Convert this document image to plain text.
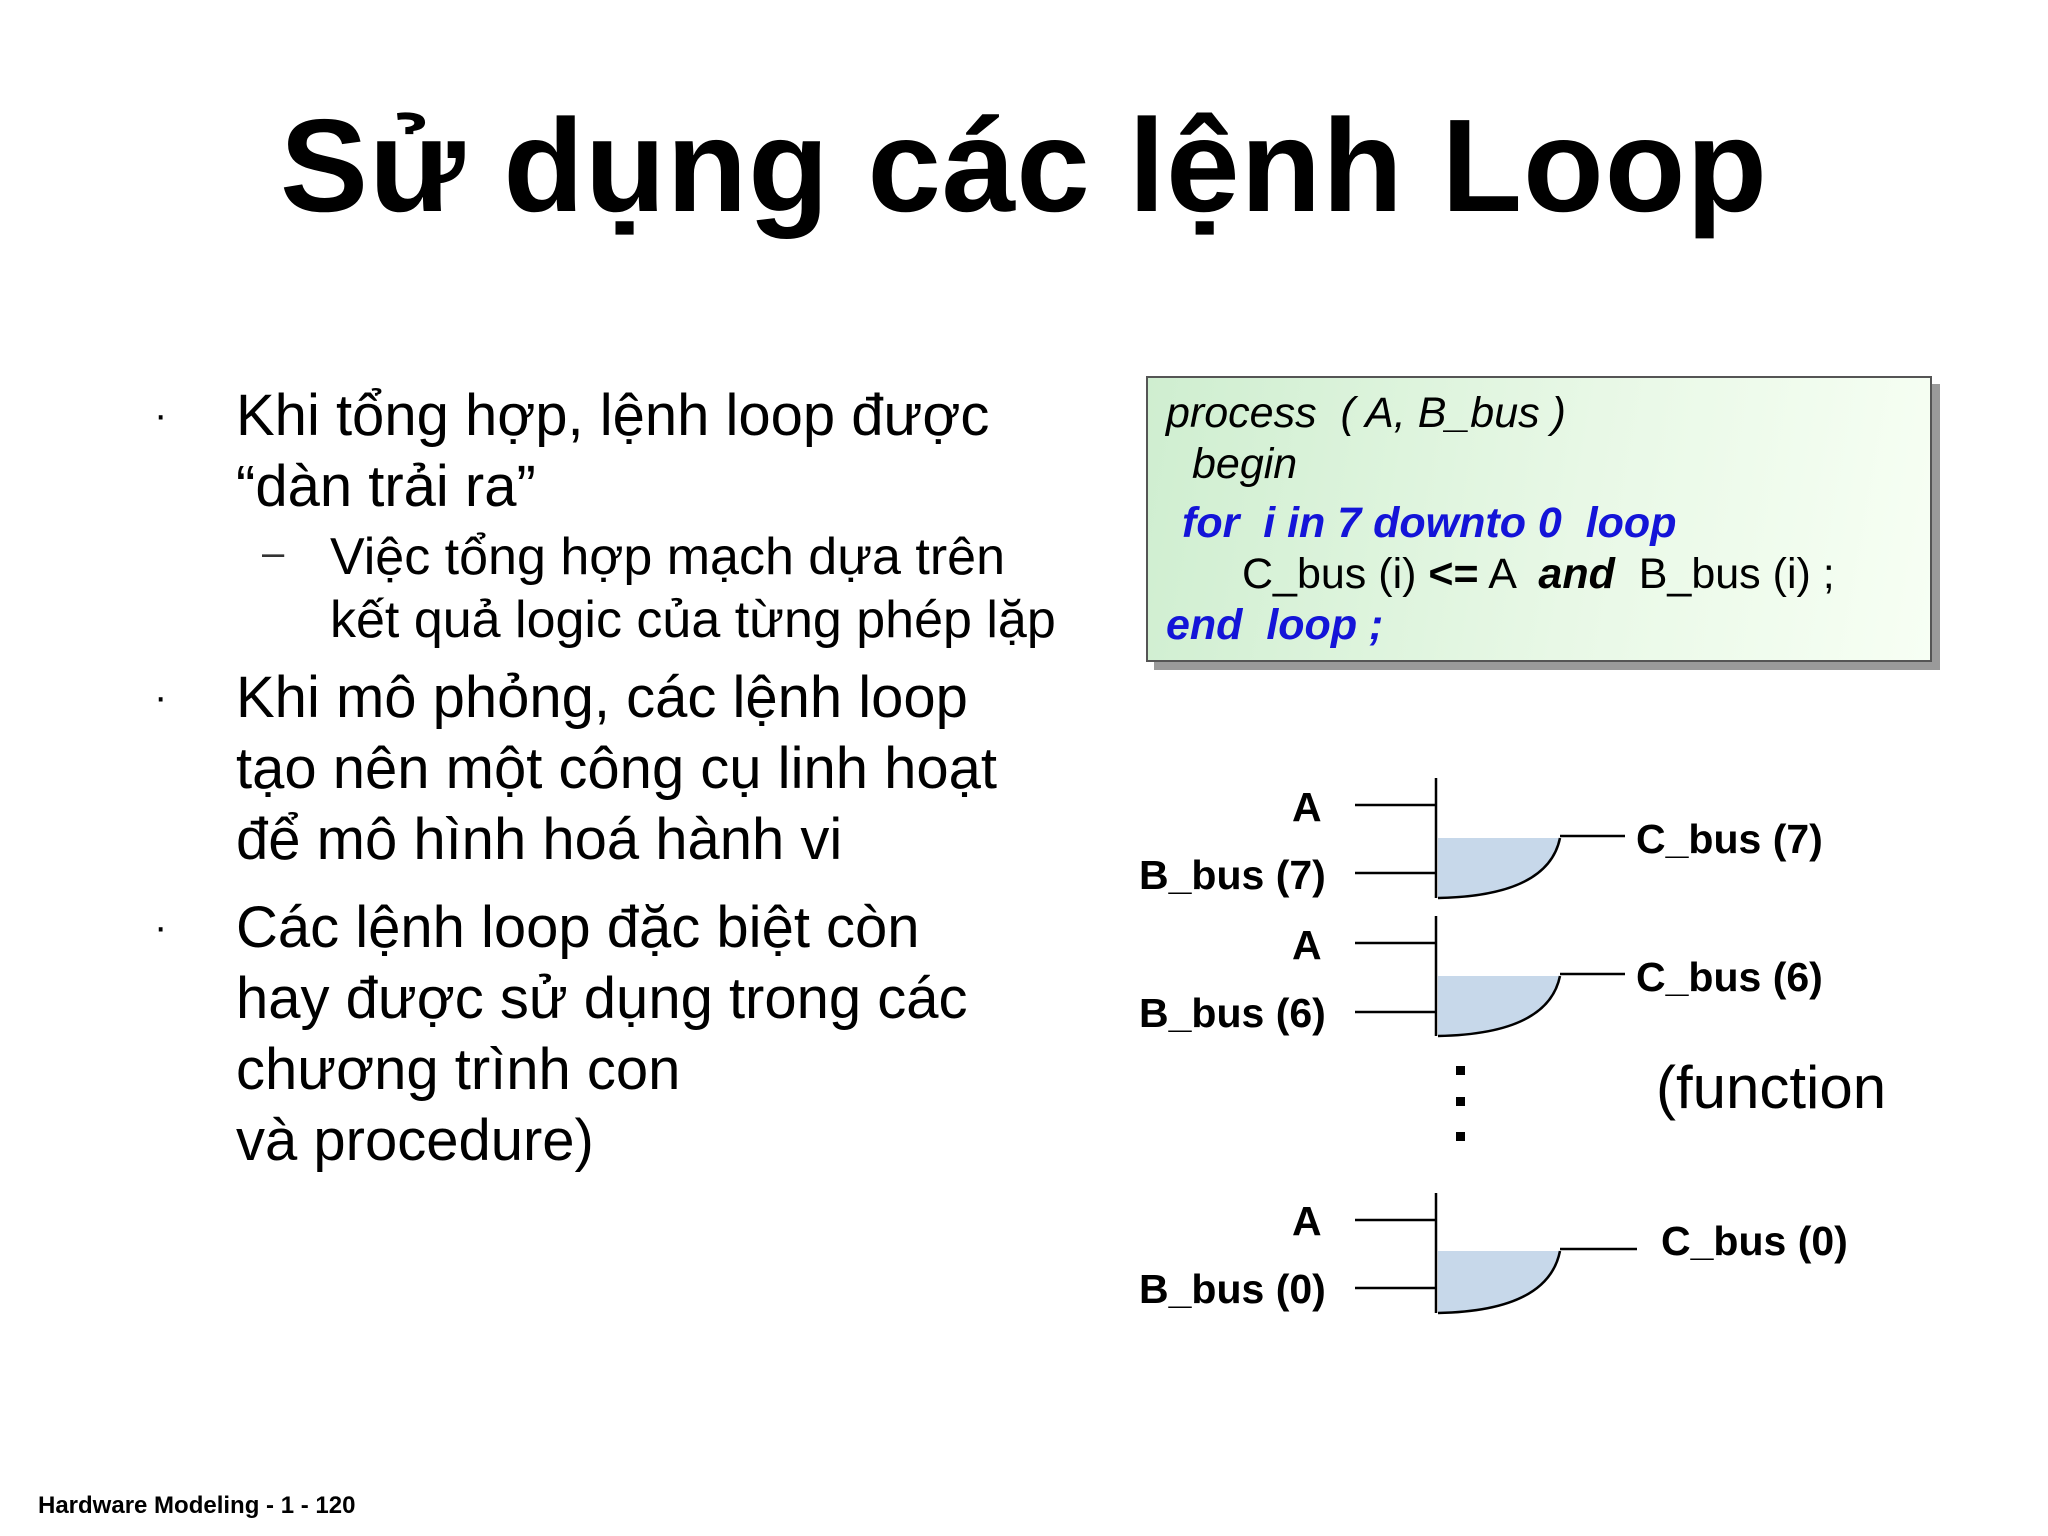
Sử dụng các lệnh Loop
· Khi tổng hợp, lệnh loop được
“dàn trải ra”
– Việc tổng hợp mạch dựa trên
kết quả logic của từng phép lặp
· Khi mô phỏng, các lệnh loop
tạo nên một công cụ linh hoạt
để mô hình hoá hành vi
· Các lệnh loop đặc biệt còn
hay được sử dụng trong các
chương trình con
và procedure)
process  ( A, B_bus )
begin
for  i in 7 downto 0  loop
C_bus (i) <= A  and  B_bus (i) ;
end  loop ;
A
B_bus (7)
C_bus (7)
A
B_bus (6)
C_bus (6)
(function
A
B_bus (0)
C_bus (0)
Hardware Modeling - 1 - 120
